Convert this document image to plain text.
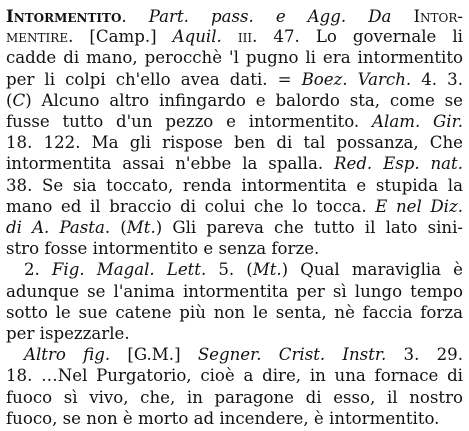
Intormentito. Part. pass. e Agg. Da Intor-
mentire. [Camp.] Aquil. iii. 47. Lo governale li
cadde di mano, perocchè 'l pugno li era intormentito
per li colpi ch'ello avea dati. = Boez. Varch. 4. 3.
(C) Alcuno altro infingardo e balordo sta, come se
fusse tutto d'un pezzo e intormentito. Alam. Gir.
18. 122. Ma gli rispose ben di tal possanza, Che
intormentita assai n'ebbe la spalla. Red. Esp. nat.
38. Se sia toccato, renda intormentita e stupida la
mano ed il braccio di colui che lo tocca. E nel Diz.
di A. Pasta. (Mt.) Gli pareva che tutto il lato sini-
stro fosse intormentito e senza forze.
2. Fig. Magal. Lett. 5. (Mt.) Qual maraviglia è
adunque se l'anima intormentita per sì lungo tempo
sotto le sue catene più non le senta, nè faccia forza
per ispezzarle.
Altro fig. [G.M.] Segner. Crist. Instr. 3. 29.
18. …Nel Purgatorio, cioè a dire, in una fornace di
fuoco sì vivo, che, in paragone di esso, il nostro
fuoco, se non è morto ad incendere, è intormentito.
